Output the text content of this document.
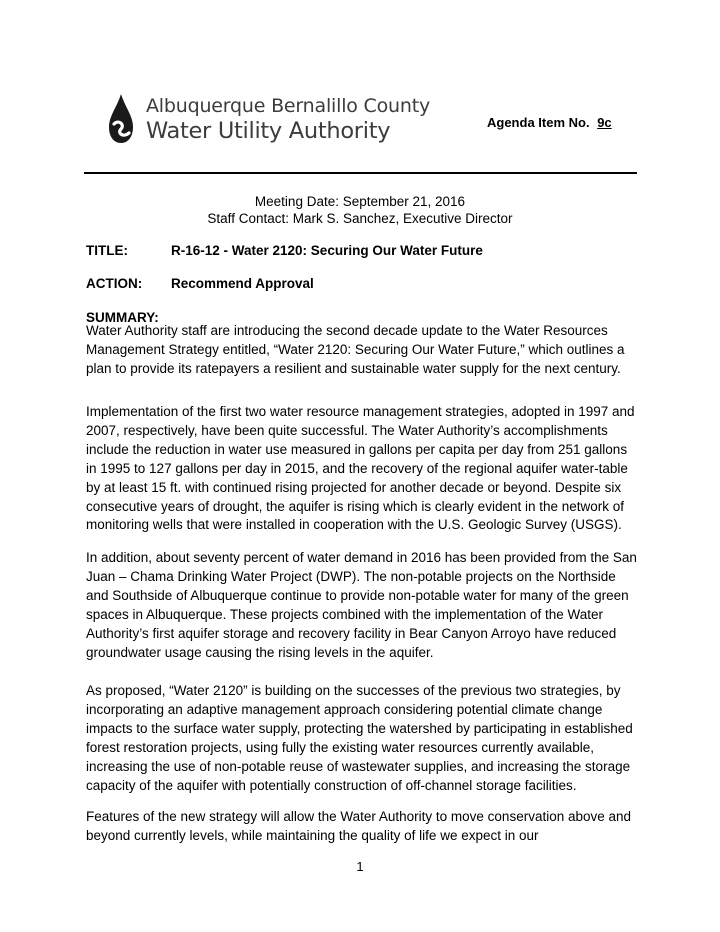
Albuquerque Bernalillo County
Water Utility Authority	Agenda Item No. 9c
Meeting Date: September 21, 2016
Staff Contact: Mark S. Sanchez, Executive Director
TITLE:	R-16-12 - Water 2120: Securing Our Water Future
ACTION: Recommend Approval
SUMMARY:
Water Authority staff are introducing the second decade update to the Water Resources Management Strategy entitled, “Water 2120: Securing Our Water Future,” which outlines a plan to provide its ratepayers a resilient and sustainable water supply for the next century.
Implementation of the first two water resource management strategies, adopted in 1997 and 2007, respectively, have been quite successful. The Water Authority’s accomplishments include the reduction in water use measured in gallons per capita per day from 251 gallons in 1995 to 127 gallons per day in 2015, and the recovery of the regional aquifer water-table by at least 15 ft. with continued rising projected for another decade or beyond. Despite six consecutive years of drought, the aquifer is rising which is clearly evident in the network of monitoring wells that were installed in cooperation with the U.S. Geologic Survey (USGS).
In addition, about seventy percent of water demand in 2016 has been provided from the San Juan – Chama Drinking Water Project (DWP). The non-potable projects on the Northside and Southside of Albuquerque continue to provide non-potable water for many of the green spaces in Albuquerque. These projects combined with the implementation of the Water Authority’s first aquifer storage and recovery facility in Bear Canyon Arroyo have reduced groundwater usage causing the rising levels in the aquifer.
As proposed, “Water 2120” is building on the successes of the previous two strategies, by incorporating an adaptive management approach considering potential climate change impacts to the surface water supply, protecting the watershed by participating in established forest restoration projects, using fully the existing water resources currently available, increasing the use of non-potable reuse of wastewater supplies, and increasing the storage capacity of the aquifer with potentially construction of off-channel storage facilities.
Features of the new strategy will allow the Water Authority to move conservation above and beyond currently levels, while maintaining the quality of life we expect in our
1
